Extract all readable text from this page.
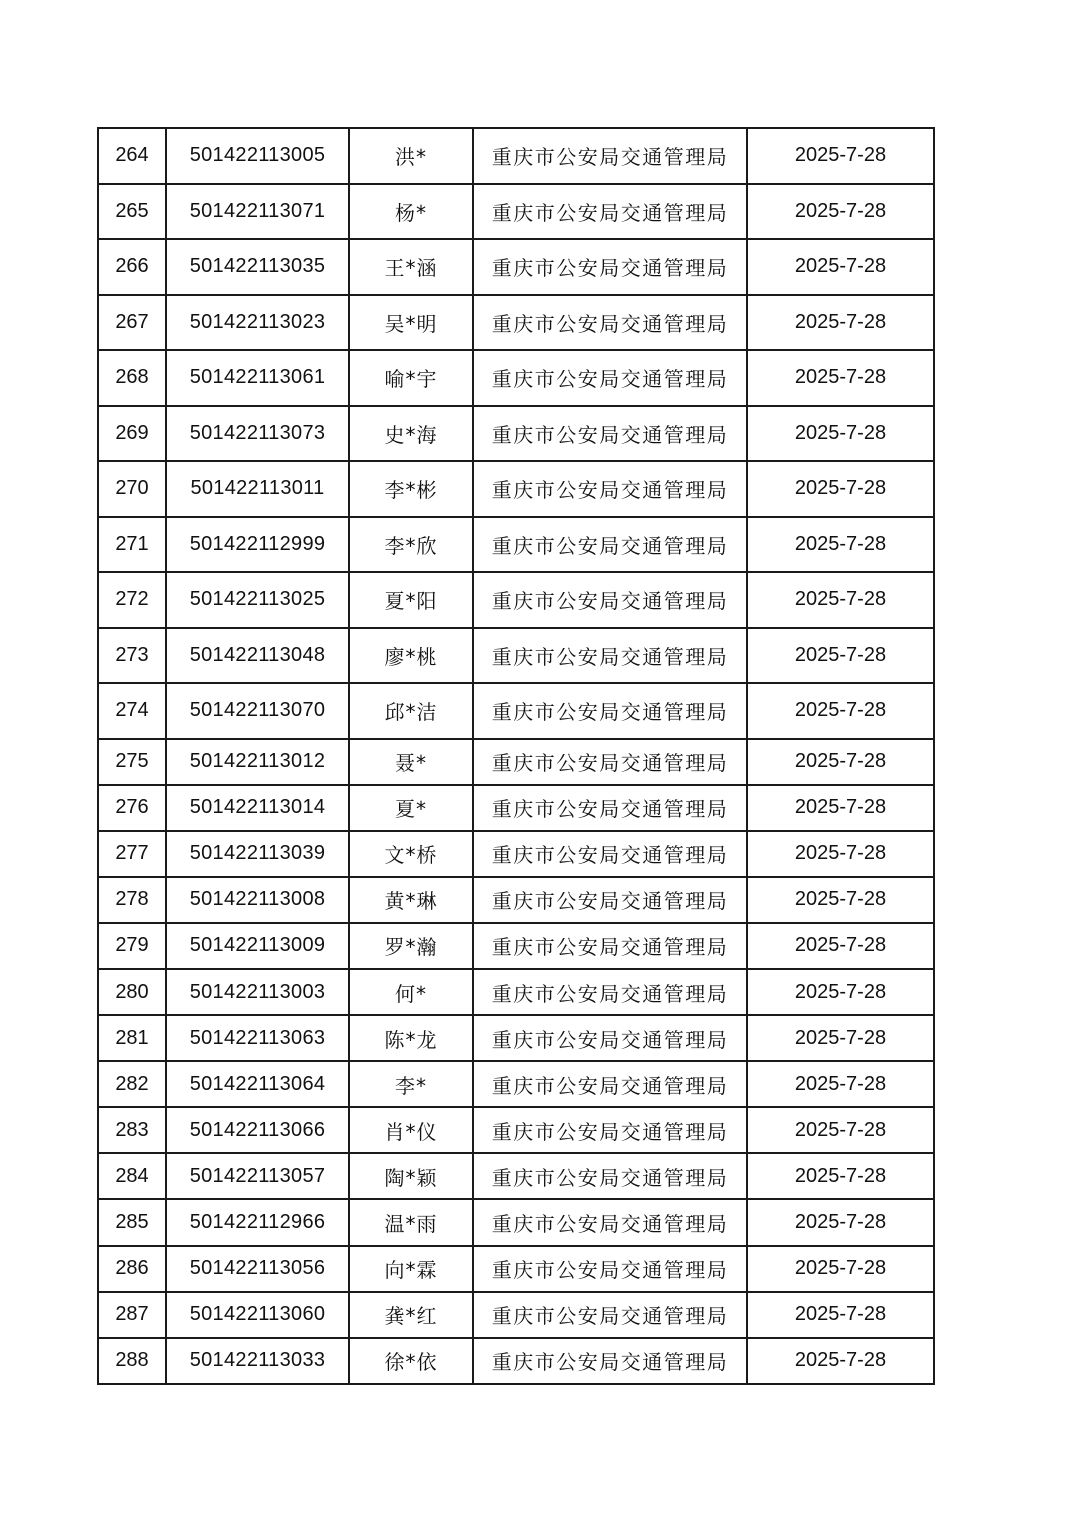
264	501422113005	洪*	重庆市公安局交通管理局	2025-7-28
265	501422113071	杨*	重庆市公安局交通管理局	2025-7-28
266	501422113035	王*涵	重庆市公安局交通管理局	2025-7-28
267	501422113023	吴*明	重庆市公安局交通管理局	2025-7-28
268	501422113061	喻*宇	重庆市公安局交通管理局	2025-7-28
269	501422113073	史*海	重庆市公安局交通管理局	2025-7-28
270	501422113011	李*彬	重庆市公安局交通管理局	2025-7-28
271	501422112999	李*欣	重庆市公安局交通管理局	2025-7-28
272	501422113025	夏*阳	重庆市公安局交通管理局	2025-7-28
273	501422113048	廖*桃	重庆市公安局交通管理局	2025-7-28
274	501422113070	邱*洁	重庆市公安局交通管理局	2025-7-28
275	501422113012	聂*	重庆市公安局交通管理局	2025-7-28
276	501422113014	夏*	重庆市公安局交通管理局	2025-7-28
277	501422113039	文*桥	重庆市公安局交通管理局	2025-7-28
278	501422113008	黄*琳	重庆市公安局交通管理局	2025-7-28
279	501422113009	罗*瀚	重庆市公安局交通管理局	2025-7-28
280	501422113003	何*	重庆市公安局交通管理局	2025-7-28
281	501422113063	陈*龙	重庆市公安局交通管理局	2025-7-28
282	501422113064	李*	重庆市公安局交通管理局	2025-7-28
283	501422113066	肖*仪	重庆市公安局交通管理局	2025-7-28
284	501422113057	陶*颖	重庆市公安局交通管理局	2025-7-28
285	501422112966	温*雨	重庆市公安局交通管理局	2025-7-28
286	501422113056	向*霖	重庆市公安局交通管理局	2025-7-28
287	501422113060	龚*红	重庆市公安局交通管理局	2025-7-28
288	501422113033	徐*依	重庆市公安局交通管理局	2025-7-28
